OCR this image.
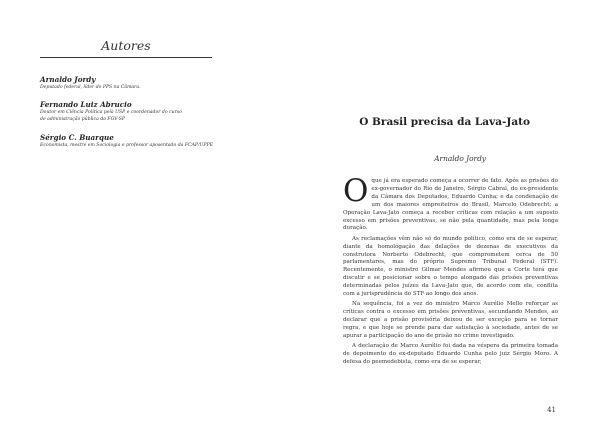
Autores
Arnaldo Jordy
Deputado federal, líder do PPS na Câmara.
Fernando Luiz Abrucio
Doutor em Ciência Política pela USP e coordenador do curso
de administração pública da FGV-SP
Sérgio C. Buarque
Economista, mestre em Sociologia e professor aposentado da FCAP/UPPE
O Brasil precisa da Lava-Jato
Arnaldo Jordy

Oque já era esperado começa a ocorrer de fato. Após as prisões do ex-governador do Rio de Janeiro, Sérgio Cabral, do ex-presidente da Câmara dos Deputados, Eduardo Cunha; e da condenação de um dos maiores empreiteiros do Brasil, Marcelo Odebrecht; a Operação Lava-Jato começa a receber críticas com relação a um suposto excesso em prisões preventivas, se não pela quantidade, mas pela longa duração.

As reclamações vêm não só do mundo político, como era de se esperar, diante da homologação das delações de dezenas de executivos da construtora Norberto Odebrecht, que comprometem cerca de 50 parlamentares, mas do próprio Supremo Tribunal Federal (STF). Recentemente, o ministro Gilmar Mendes afirmou que a Corte terá que discutir e se posicionar sobre o tempo alongado das prisões preventivas determinadas pelos juízes da Lava-Jato que, de acordo com ele, conflita com a jurisprudência do STF ao longo dos anos.

Na sequência, foi a vez do ministro Marco Aurélio Mello reforçar as críticas contra o excesso em prisões preventivas, secundando Mendes, ao declarar que a prisão provisória deixou de ser exceção para se tornar regra, e que hoje se prende para dar satisfação à sociedade, antes de se apurar a participação do ano de prisão no crime investigado.

A declaração de Marco Aurélio foi dada na véspera da primeira tomada de depoimento do ex-deputado Eduardo Cunha pelo juiz Sérgio Moro. A defesa do peemedebista, como era de se esperar,

41
